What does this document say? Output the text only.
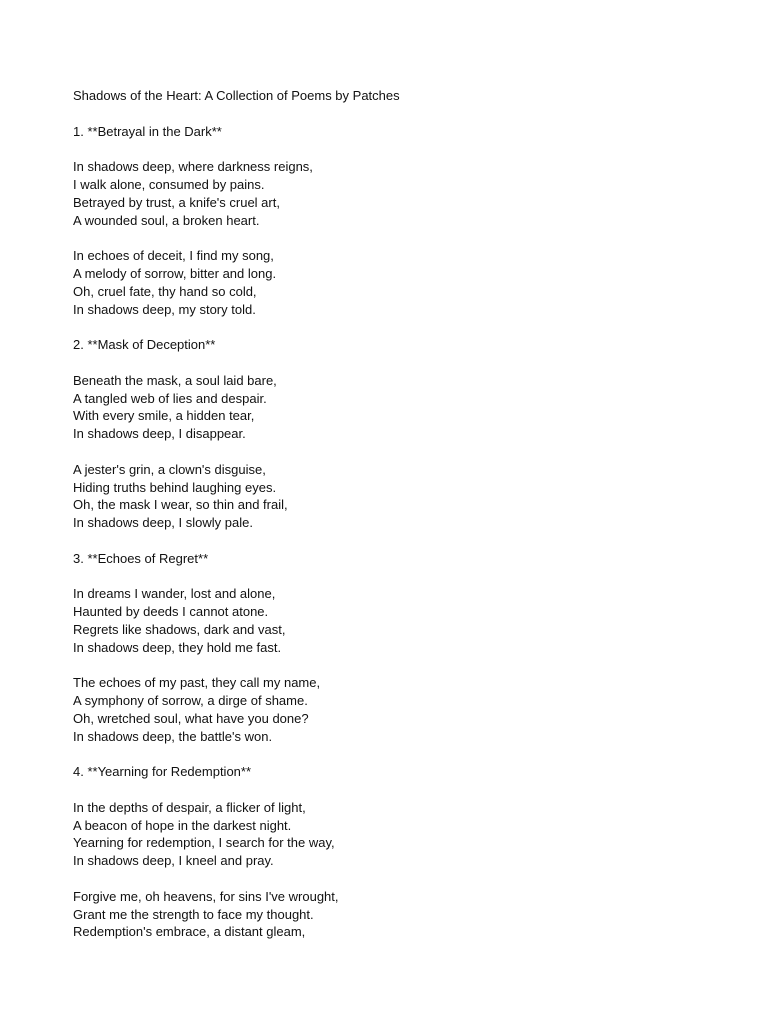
Shadows of the Heart: A Collection of Poems by Patches
1. **Betrayal in the Dark**
In shadows deep, where darkness reigns,
I walk alone, consumed by pains.
Betrayed by trust, a knife's cruel art,
A wounded soul, a broken heart.
In echoes of deceit, I find my song,
A melody of sorrow, bitter and long.
Oh, cruel fate, thy hand so cold,
In shadows deep, my story told.
2. **Mask of Deception**
Beneath the mask, a soul laid bare,
A tangled web of lies and despair.
With every smile, a hidden tear,
In shadows deep, I disappear.
A jester's grin, a clown's disguise,
Hiding truths behind laughing eyes.
Oh, the mask I wear, so thin and frail,
In shadows deep, I slowly pale.
3. **Echoes of Regret**
In dreams I wander, lost and alone,
Haunted by deeds I cannot atone.
Regrets like shadows, dark and vast,
In shadows deep, they hold me fast.
The echoes of my past, they call my name,
A symphony of sorrow, a dirge of shame.
Oh, wretched soul, what have you done?
In shadows deep, the battle's won.
4. **Yearning for Redemption**
In the depths of despair, a flicker of light,
A beacon of hope in the darkest night.
Yearning for redemption, I search for the way,
In shadows deep, I kneel and pray.
Forgive me, oh heavens, for sins I've wrought,
Grant me the strength to face my thought.
Redemption's embrace, a distant gleam,
